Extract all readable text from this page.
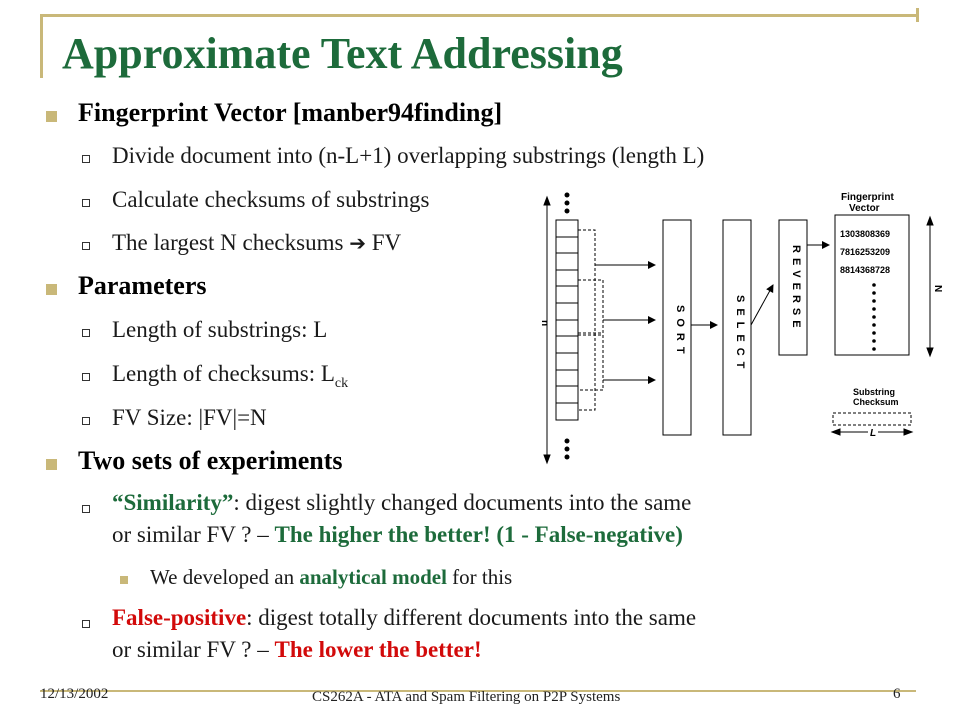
Approximate Text Addressing
Fingerprint Vector [manber94finding]
Divide document into (n-L+1) overlapping substrings (length L)
Calculate checksums of substrings
The largest N checksums ➔ FV
Parameters
Length of substrings: L
Length of checksums: $L_{ck}$
FV Size: |FV|=N
Two sets of experiments
“Similarity”: digest slightly changed documents into the same
or similar FV ? – The higher the better! (1 - False-negative)
We developed an analytical model for this
False-positive: digest totally different documents into the same
or similar FV ? – The lower the better!
n	SORT	SELECT
REVERSE
Fingerprint
Vector
1303808369
7816253209
8814368728
N
Substring
Checksum
L
12/13/2002	CS262A - ATA and Spam Filtering on P2P Systems	6
